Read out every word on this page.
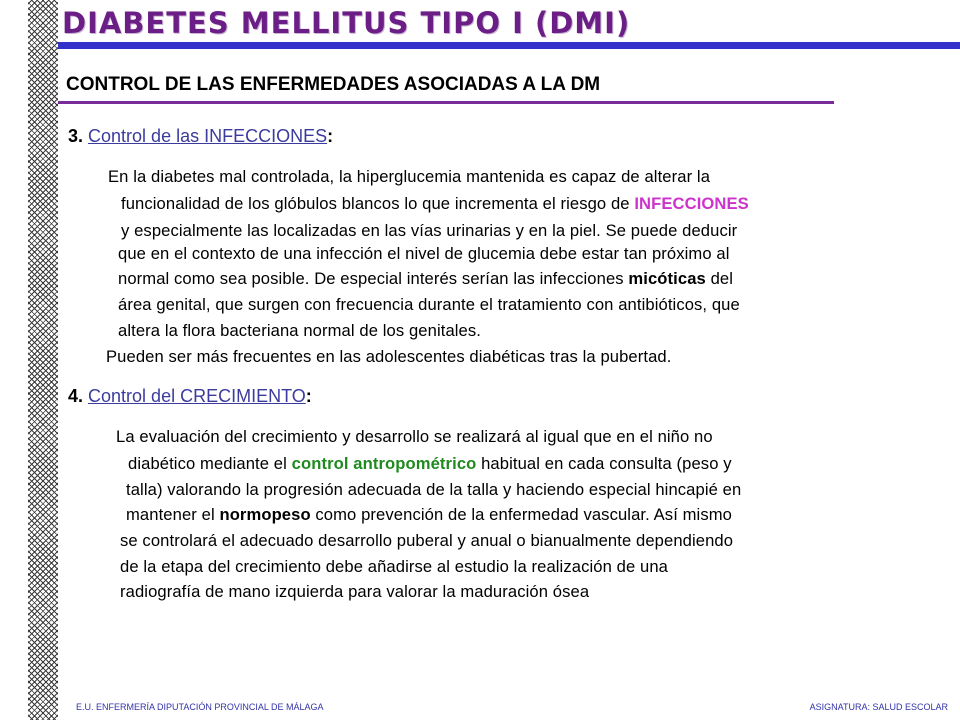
DIABETES MELLITUS TIPO I (DMI)
CONTROL DE LAS ENFERMEDADES ASOCIADAS A LA DM
3. Control de las INFECCIONES:
En la diabetes mal controlada, la hiperglucemia mantenida es capaz de alterar la
funcionalidad de los glóbulos blancos lo que incrementa el riesgo de INFECCIONES
y especialmente las localizadas en las vías urinarias y en la piel. Se puede deducir
que en el contexto de una infección el nivel de glucemia debe estar tan próximo al
normal como sea posible. De especial interés serían las infecciones micóticas del
área genital, que surgen con frecuencia durante el tratamiento con antibióticos, que
altera la flora bacteriana normal de los genitales.
Pueden ser más frecuentes en las adolescentes diabéticas tras la pubertad.
4. Control del CRECIMIENTO:
La evaluación del crecimiento y desarrollo se realizará al igual que en el niño no
diabético mediante el control antropométrico habitual en cada consulta (peso y
talla) valorando la progresión adecuada de la talla y haciendo especial hincapié en
mantener el normopeso como prevención de la enfermedad vascular. Así mismo
se controlará el adecuado desarrollo puberal y anual o bianualmente dependiendo
de la etapa del crecimiento debe añadirse al estudio la realización de una
radiografía de mano izquierda para valorar la maduración ósea
E.U. ENFERMERÍA DIPUTACIÓN PROVINCIAL DE MÁLAGA	ASIGNATURA: SALUD ESCOLAR
